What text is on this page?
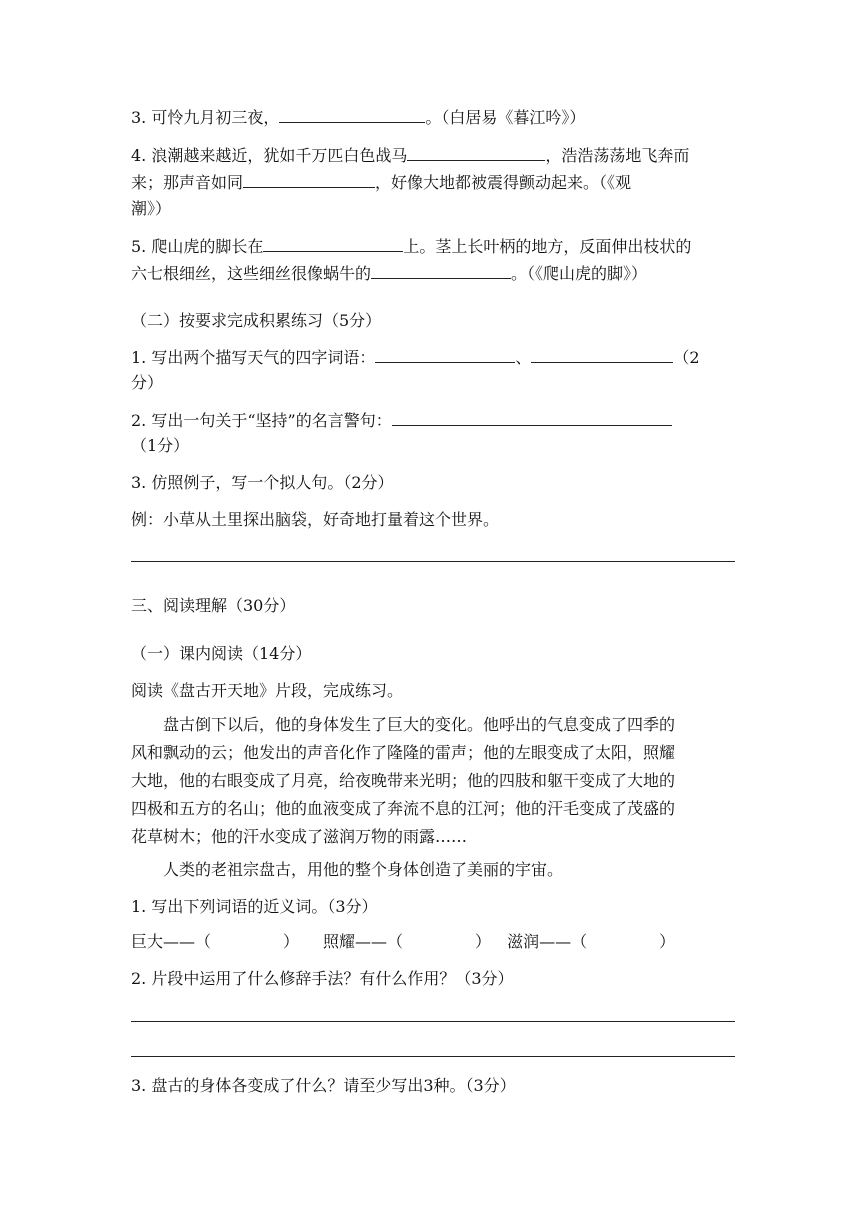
3. 可怜九月初三夜，	。（白居易《暮江吟》）
4. 浪潮越来越近，犹如千万匹白色战马	，浩浩荡荡地飞奔而
来；那声音如同	，好像大地都被震得颤动起来。（《观
潮》）
5. 爬山虎的脚长在	上。茎上长叶柄的地方，反面伸出枝状的
六七根细丝，这些细丝很像蜗牛的	。（《爬山虎的脚》）
（二）按要求完成积累练习（5分）
1. 写出两个描写天气的四字词语：	、	（2
分）
2. 写出一句关于“坚持”的名言警句：
（1分）
3. 仿照例子，写一个拟人句。（2分）
例：小草从土里探出脑袋，好奇地打量着这个世界。
三、阅读理解（30分）
（一）课内阅读（14分）
阅读《盘古开天地》片段，完成练习。
盘古倒下以后，他的身体发生了巨大的变化。他呼出的气息变成了四季的
风和飘动的云；他发出的声音化作了隆隆的雷声；他的左眼变成了太阳，照耀
大地，他的右眼变成了月亮，给夜晚带来光明；他的四肢和躯干变成了大地的
四极和五方的名山；他的血液变成了奔流不息的江河；他的汗毛变成了茂盛的
花草树木；他的汗水变成了滋润万物的雨露……
人类的老祖宗盘古，用他的整个身体创造了美丽的宇宙。
1. 写出下列词语的近义词。（3分）
巨大——（	） 照耀——（	） 滋润——（	）
2. 片段中运用了什么修辞手法？有什么作用？（3分）
3. 盘古的身体各变成了什么？请至少写出3种。（3分）
